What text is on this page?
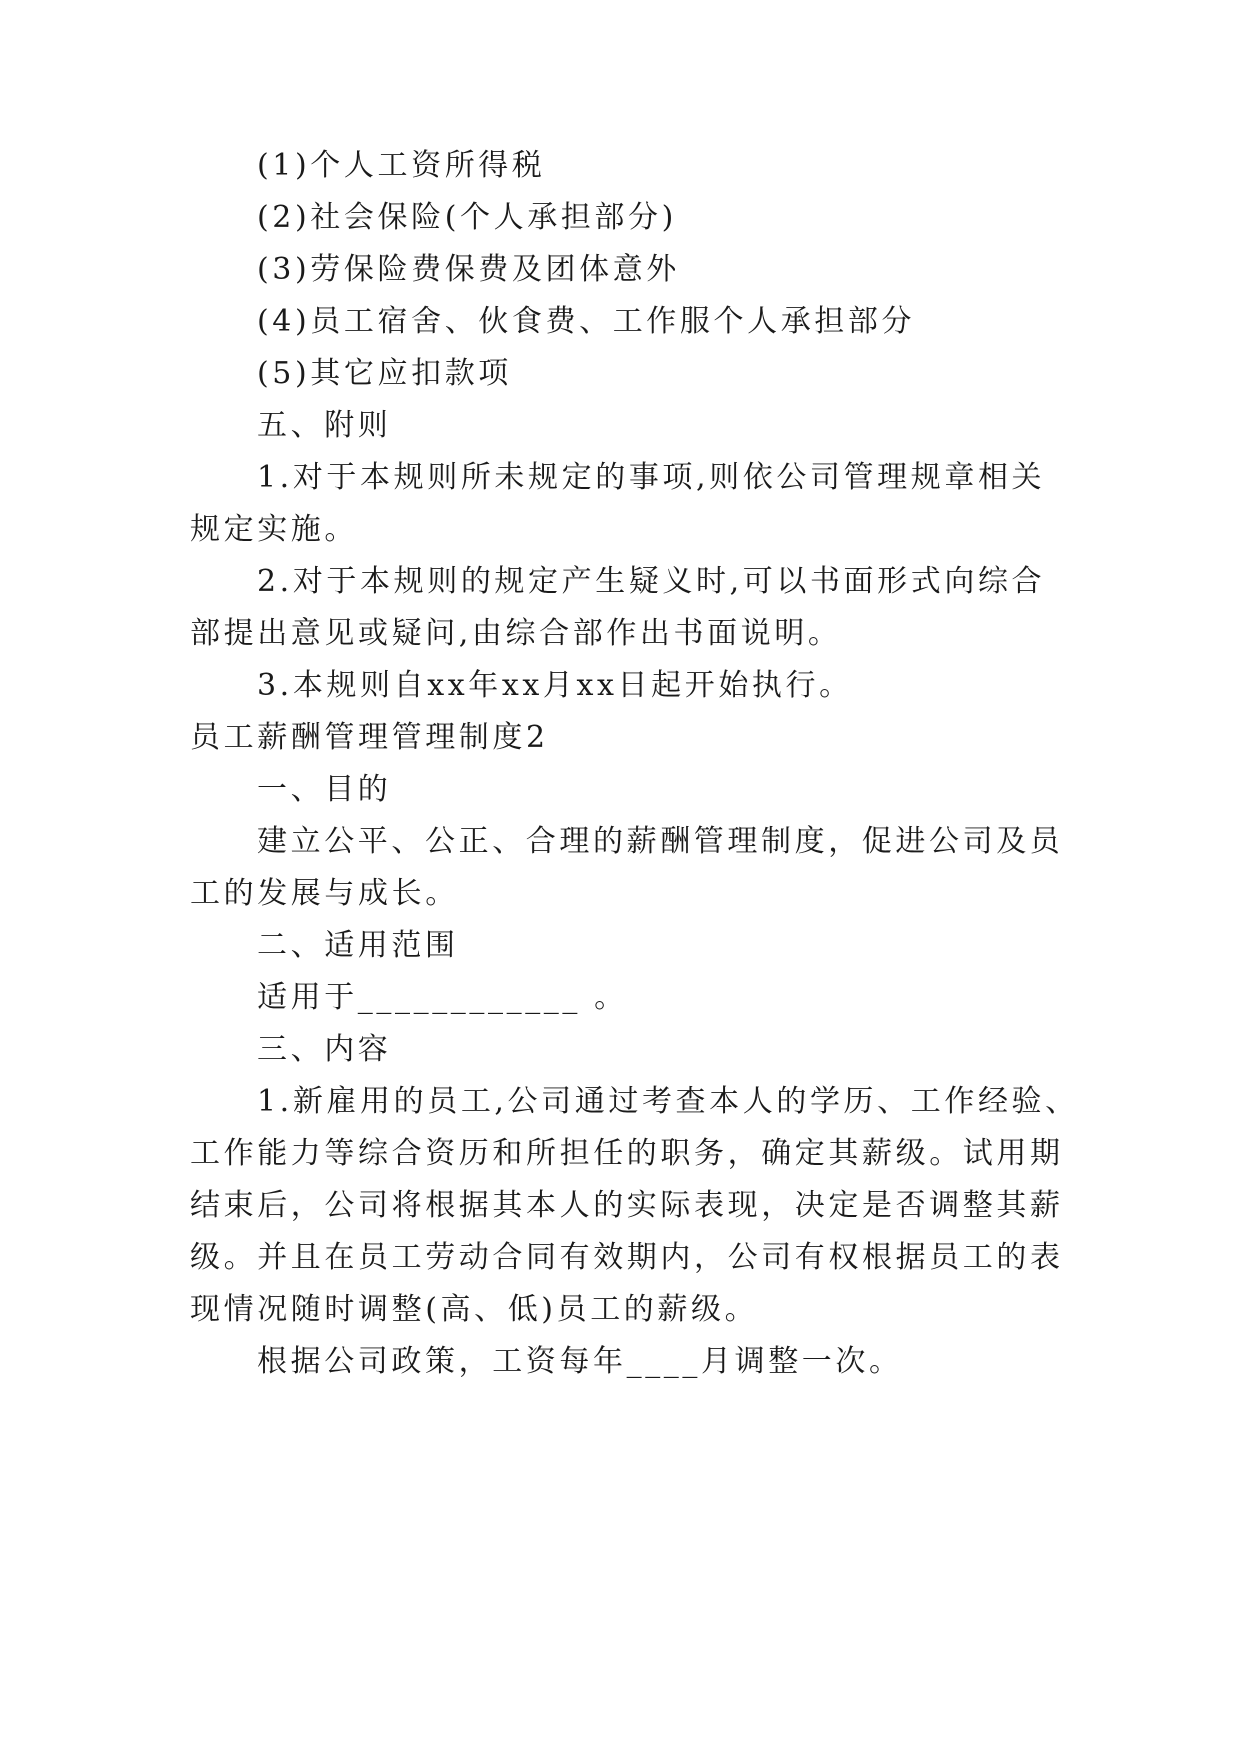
(1)个人工资所得税

(2)社会保险(个人承担部分)

(3)劳保险费保费及团体意外

(4)员工宿舍、伙食费、工作服个人承担部分

(5)其它应扣款项

五、附则

1.对于本规则所未规定的事项,则依公司管理规章相关

规定实施。

2.对于本规则的规定产生疑义时,可以书面形式向综合

部提出意见或疑问,由综合部作出书面说明。

3.本规则自xx年xx月xx日起开始执行。

员工薪酬管理管理制度2

一、目的

建立公平、公正、合理的薪酬管理制度，促进公司及员

工的发展与成长。

二、适用范围

适用于____________ 。

三、内容

1.新雇用的员工,公司通过考查本人的学历、工作经验、

工作能力等综合资历和所担任的职务，确定其薪级。试用期

结束后，公司将根据其本人的实际表现，决定是否调整其薪

级。并且在员工劳动合同有效期内，公司有权根据员工的表

现情况随时调整(高、低)员工的薪级。

根据公司政策，工资每年____月调整一次。
